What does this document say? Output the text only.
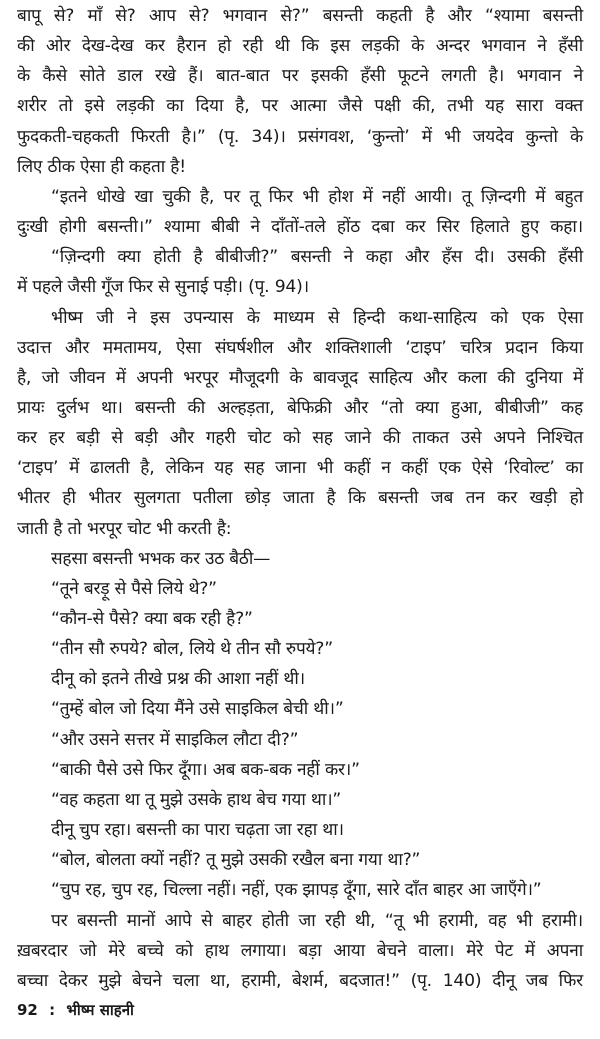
बापू से? माँ से? आप से? भगवान से?” बसन्ती कहती है और “श्यामा बसन्ती
की ओर देख-देख कर हैरान हो रही थी कि इस लड़की के अन्दर भगवान ने हँसी
के कैसे सोते डाल रखे हैं। बात-बात पर इसकी हँसी फूटने लगती है। भगवान ने
शरीर तो इसे लड़की का दिया है, पर आत्मा जैसे पक्षी की, तभी यह सारा वक्त
फुदकती-चहकती फिरती है।” (पृ. 34)। प्रसंगवश, ‘कुन्तो’ में भी जयदेव कुन्तो के
लिए ठीक ऐसा ही कहता है!
“इतने धोखे खा चुकी है, पर तू फिर भी होश में नहीं आयी। तू ज़िन्दगी में बहुत
दुःखी होगी बसन्ती।” श्यामा बीबी ने दाँतों-तले होंठ दबा कर सिर हिलाते हुए कहा।
“ज़िन्दगी क्या होती है बीबीजी?” बसन्ती ने कहा और हँस दी। उसकी हँसी
में पहले जैसी गूँज फिर से सुनाई पड़ी। (पृ. 94)।
भीष्म जी ने इस उपन्यास के माध्यम से हिन्दी कथा-साहित्य को एक ऐसा
उदात्त और ममतामय, ऐसा संघर्षशील और शक्तिशाली ‘टाइप’ चरित्र प्रदान किया
है, जो जीवन में अपनी भरपूर मौजूदगी के बावजूद साहित्य और कला की दुनिया में
प्रायः दुर्लभ था। बसन्ती की अल्हड़ता, बेफिक्री और “तो क्या हुआ, बीबीजी” कह
कर हर बड़ी से बड़ी और गहरी चोट को सह जाने की ताकत उसे अपने निश्चित
‘टाइप’ में ढालती है, लेकिन यह सह जाना भी कहीं न कहीं एक ऐसे ‘रिवोल्ट’ का
भीतर ही भीतर सुलगता पतीला छोड़ जाता है कि बसन्ती जब तन कर खड़ी हो
जाती है तो भरपूर चोट भी करती है:
सहसा बसन्ती भभक कर उठ बैठी—
“तूने बरड़ू से पैसे लिये थे?”
“कौन-से पैसे? क्या बक रही है?”
“तीन सौ रुपये? बोल, लिये थे तीन सौ रुपये?”
दीनू को इतने तीखे प्रश्न की आशा नहीं थी।
“तुम्हें बोल जो दिया मैंने उसे साइकिल बेची थी।”
“और उसने सत्तर में साइकिल लौटा दी?”
“बाकी पैसे उसे फिर दूँगा। अब बक-बक नहीं कर।”
“वह कहता था तू मुझे उसके हाथ बेच गया था।”
दीनू चुप रहा। बसन्ती का पारा चढ़ता जा रहा था।
“बोल, बोलता क्यों नहीं? तू मुझे उसकी रखैल बना गया था?”
“चुप रह, चुप रह, चिल्ला नहीं। नहीं, एक झापड़ दूँगा, सारे दाँत बाहर आ जाएँगे।”
पर बसन्ती मानों आपे से बाहर होती जा रही थी, “तू भी हरामी, वह भी हरामी।
ख़बरदार जो मेरे बच्चे को हाथ लगाया। बड़ा आया बेचने वाला। मेरे पेट में अपना
बच्चा देकर मुझे बेचने चला था, हरामी, बेशर्म, बदजात!” (पृ. 140) दीनू जब फिर
92 : भीष्म साहनी
